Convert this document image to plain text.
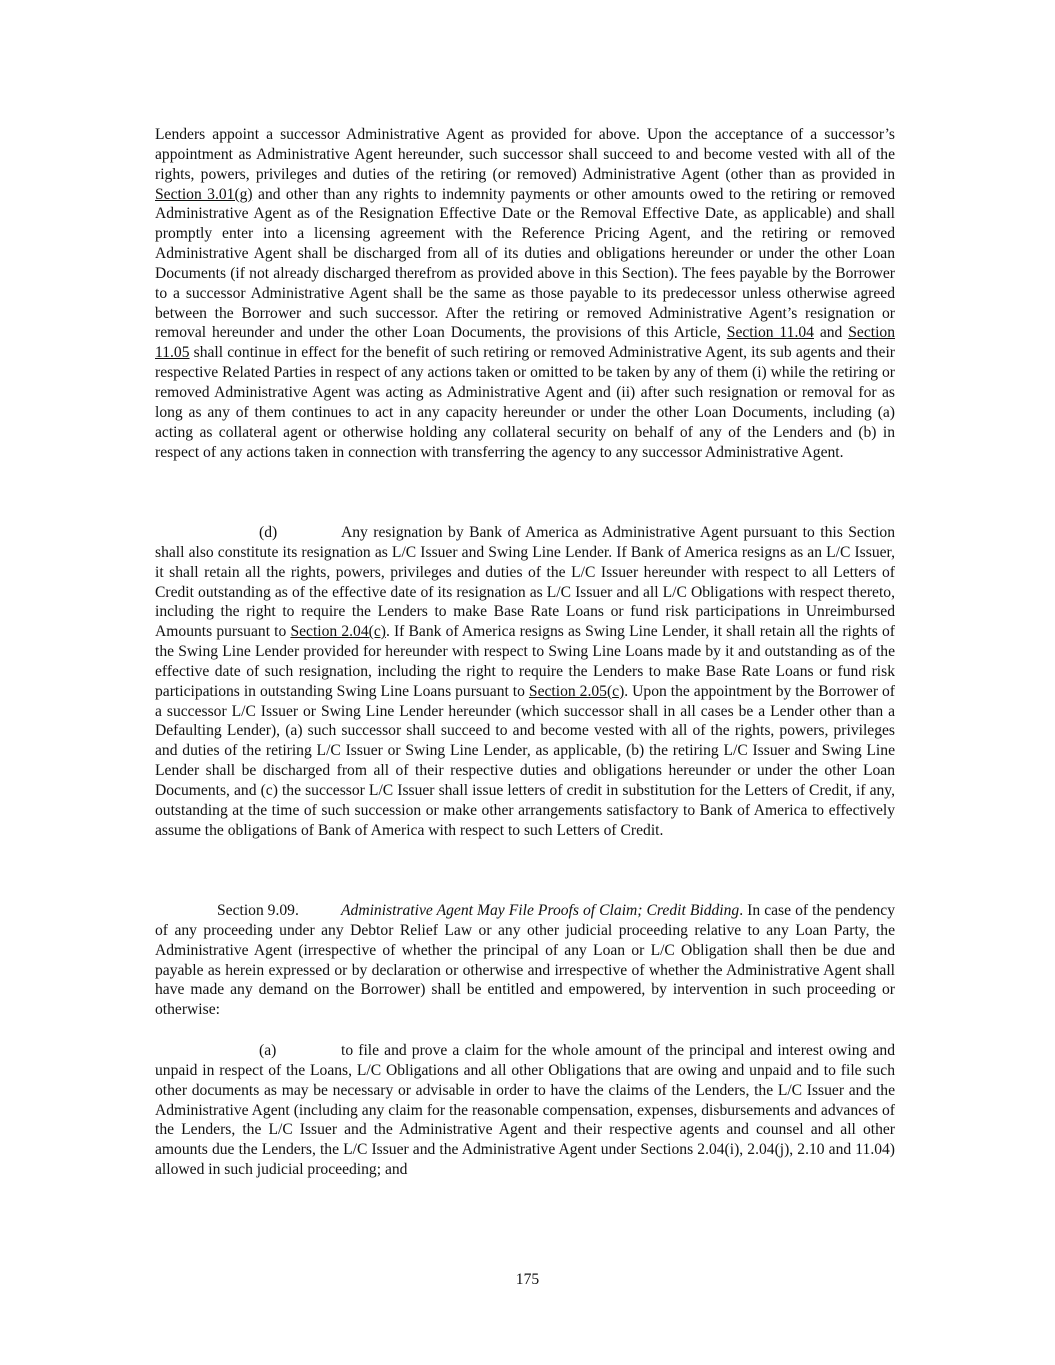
Lenders appoint a successor Administrative Agent as provided for above. Upon the acceptance of a successor’s appointment as Administrative Agent hereunder, such successor shall succeed to and become vested with all of the rights, powers, privileges and duties of the retiring (or removed) Administrative Agent (other than as provided in Section 3.01(g) and other than any rights to indemnity payments or other amounts owed to the retiring or removed Administrative Agent as of the Resignation Effective Date or the Removal Effective Date, as applicable) and shall promptly enter into a licensing agreement with the Reference Pricing Agent, and the retiring or removed Administrative Agent shall be discharged from all of its duties and obligations hereunder or under the other Loan Documents (if not already discharged therefrom as provided above in this Section). The fees payable by the Borrower to a successor Administrative Agent shall be the same as those payable to its predecessor unless otherwise agreed between the Borrower and such successor. After the retiring or removed Administrative Agent’s resignation or removal hereunder and under the other Loan Documents, the provisions of this Article, Section 11.04 and Section 11.05 shall continue in effect for the benefit of such retiring or removed Administrative Agent, its sub agents and their respective Related Parties in respect of any actions taken or omitted to be taken by any of them (i) while the retiring or removed Administrative Agent was acting as Administrative Agent and (ii) after such resignation or removal for as long as any of them continues to act in any capacity hereunder or under the other Loan Documents, including (a) acting as collateral agent or otherwise holding any collateral security on behalf of any of the Lenders and (b) in respect of any actions taken in connection with transferring the agency to any successor Administrative Agent.

(d)	Any resignation by Bank of America as Administrative Agent pursuant to this Section shall also constitute its resignation as L/C Issuer and Swing Line Lender. If Bank of America resigns as an L/C Issuer, it shall retain all the rights, powers, privileges and duties of the L/C Issuer hereunder with respect to all Letters of Credit outstanding as of the effective date of its resignation as L/C Issuer and all L/C Obligations with respect thereto, including the right to require the Lenders to make Base Rate Loans or fund risk participations in Unreimbursed Amounts pursuant to Section 2.04(c). If Bank of America resigns as Swing Line Lender, it shall retain all the rights of the Swing Line Lender provided for hereunder with respect to Swing Line Loans made by it and outstanding as of the effective date of such resignation, including the right to require the Lenders to make Base Rate Loans or fund risk participations in outstanding Swing Line Loans pursuant to Section 2.05(c). Upon the appointment by the Borrower of a successor L/C Issuer or Swing Line Lender hereunder (which successor shall in all cases be a Lender other than a Defaulting Lender), (a) such successor shall succeed to and become vested with all of the rights, powers, privileges and duties of the retiring L/C Issuer or Swing Line Lender, as applicable, (b) the retiring L/C Issuer and Swing Line Lender shall be discharged from all of their respective duties and obligations hereunder or under the other Loan Documents, and (c) the successor L/C Issuer shall issue letters of credit in substitution for the Letters of Credit, if any, outstanding at the time of such succession or make other arrangements satisfactory to Bank of America to effectively assume the obligations of Bank of America with respect to such Letters of Credit.

Section 9.09.	Administrative Agent May File Proofs of Claim; Credit Bidding. In case of the pendency of any proceeding under any Debtor Relief Law or any other judicial proceeding relative to any Loan Party, the Administrative Agent (irrespective of whether the principal of any Loan or L/C Obligation shall then be due and payable as herein expressed or by declaration or otherwise and irrespective of whether the Administrative Agent shall have made any demand on the Borrower) shall be entitled and empowered, by intervention in such proceeding or otherwise:

(a)	to file and prove a claim for the whole amount of the principal and interest owing and unpaid in respect of the Loans, L/C Obligations and all other Obligations that are owing and unpaid and to file such other documents as may be necessary or advisable in order to have the claims of the Lenders, the L/C Issuer and the Administrative Agent (including any claim for the reasonable compensation, expenses, disbursements and advances of the Lenders, the L/C Issuer and the Administrative Agent and their respective agents and counsel and all other amounts due the Lenders, the L/C Issuer and the Administrative Agent under Sections 2.04(i), 2.04(j), 2.10 and 11.04) allowed in such judicial proceeding; and

175
